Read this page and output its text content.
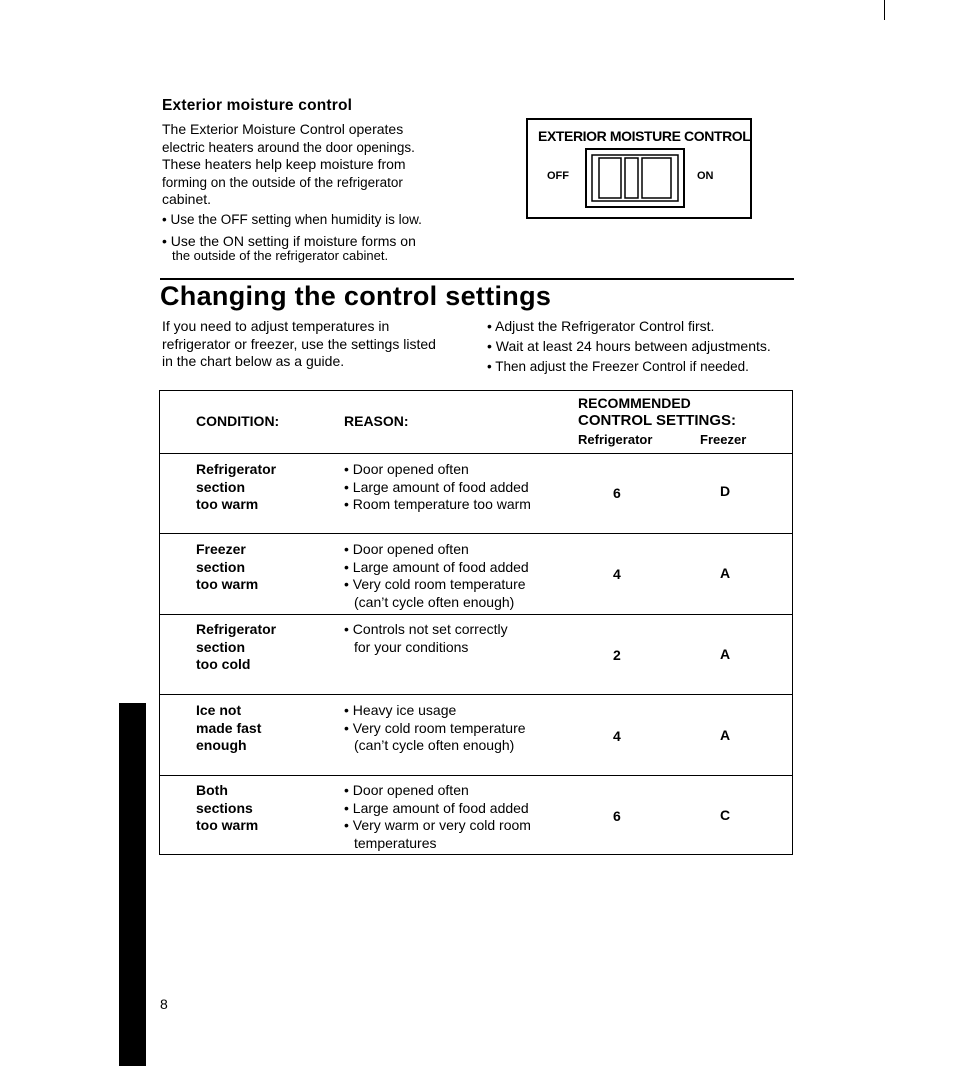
Exterior moisture control

The Exterior Moisture Control operates

electric heaters around the door openings.

These heaters help keep moisture from

forming on the outside of the refrigerator

cabinet.

• Use the OFF setting when humidity is low.
• Use the ON setting if moisture forms on
the outside of the refrigerator cabinet.
EXTERIOR MOISTURE CONTROL
OFF	ON
Changing the control settings
If you need to adjust temperatures in
refrigerator or freezer, use the settings listed
in the chart below as a guide.
• Adjust the Refrigerator Control first.
• Wait at least 24 hours between adjustments.
• Then adjust the Freezer Control if needed.
CONDITION:	REASON:
RECOMMENDED
CONTROL SETTINGS:
Refrigerator	Freezer
Refrigerator
section
too warm
• Door opened often
• Large amount of food added
• Room temperature too warm
6	D
Freezer
section
too warm
• Door opened often
• Large amount of food added
• Very cold room temperature
(can’t cycle often enough)
4	A
Refrigerator
section
too cold
• Controls not set correctly
for your conditions
2	A
Ice not
made fast
enough
• Heavy ice usage
• Very cold room temperature
(can’t cycle often enough)
4	A
Both
sections
too warm
• Door opened often
• Large amount of food added
• Very warm or very cold room
temperatures
6	C
8
